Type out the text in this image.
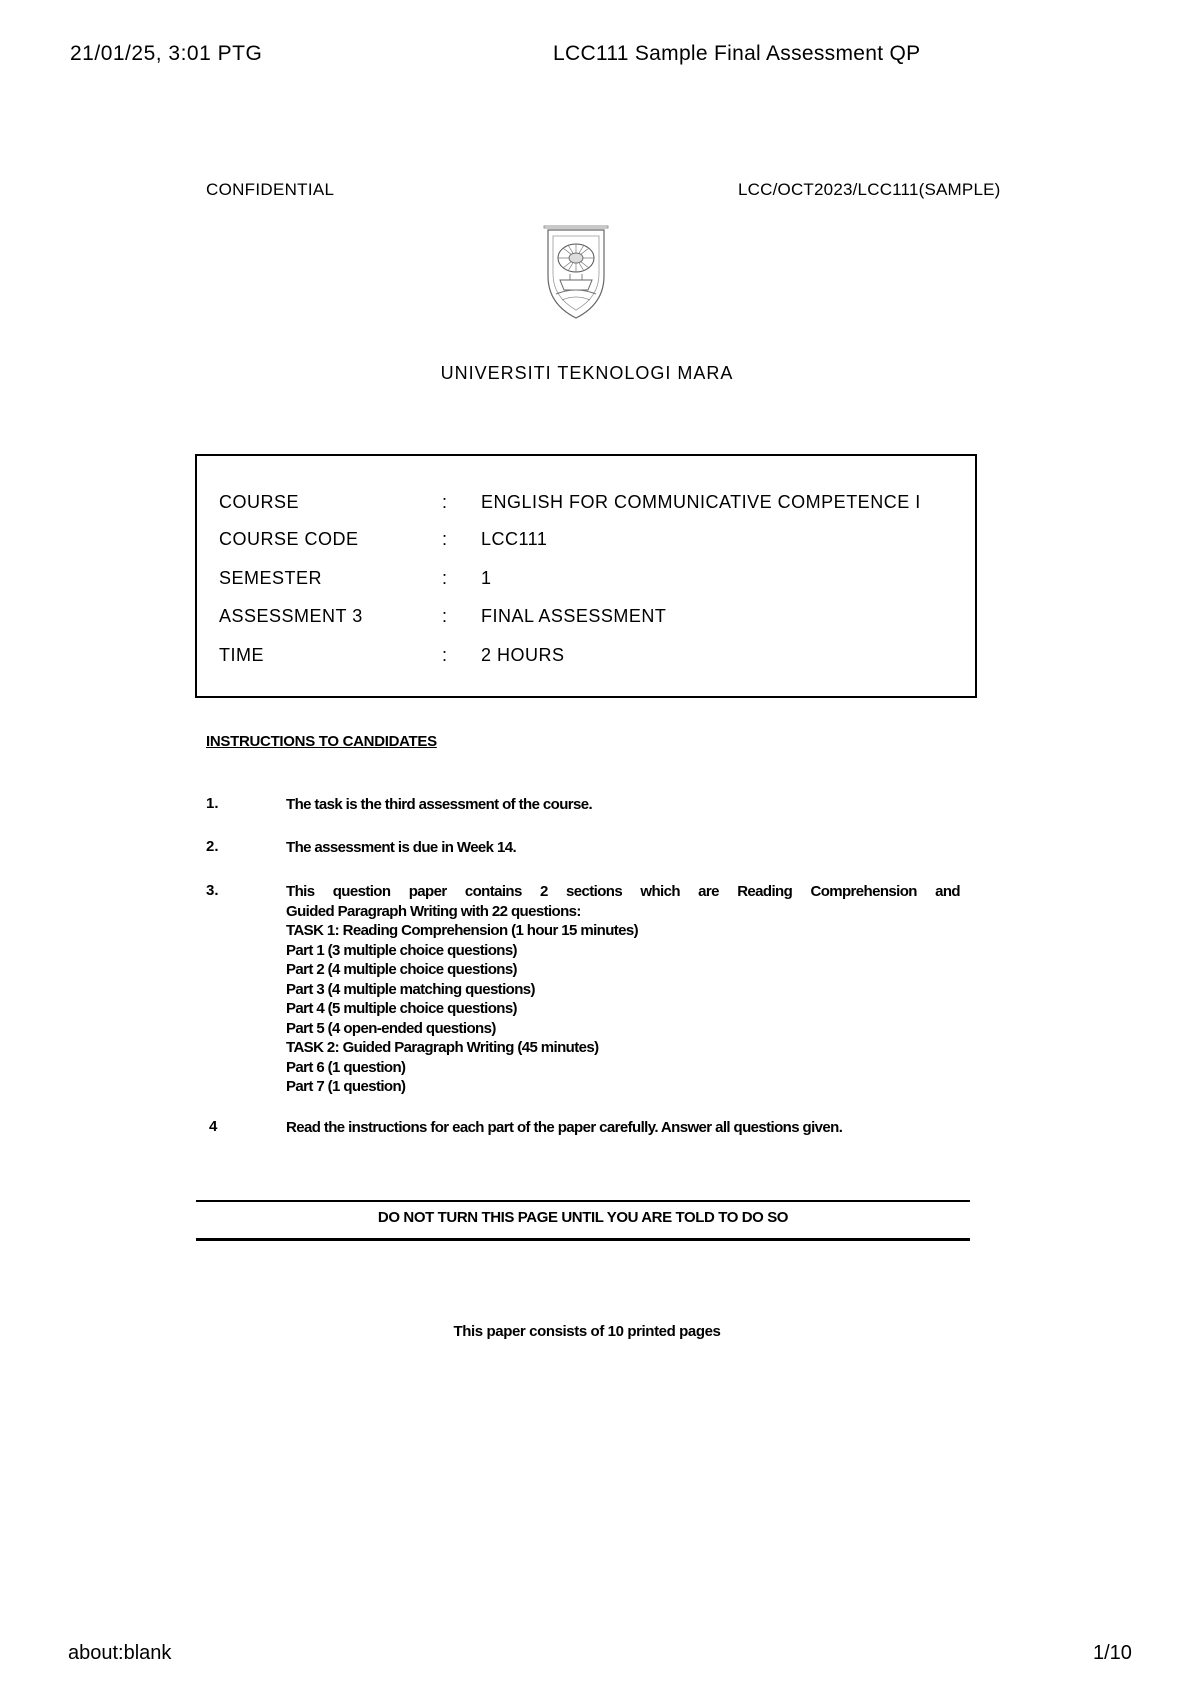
21/01/25, 3:01 PTG	LCC111 Sample Final Assessment QP
CONFIDENTIAL	LCC/OCT2023/LCC111(SAMPLE)
UNIVERSITI TEKNOLOGI MARA
COURSE	: ENGLISH FOR COMMUNICATIVE COMPETENCE I
COURSE CODE	: LCC111
SEMESTER	: 1
ASSESSMENT 3	: FINAL ASSESSMENT
TIME	: 2 HOURS
INSTRUCTIONS TO CANDIDATES
1.	The task is the third assessment of the course.
2.	The assessment is due in Week 14.
3.	This question paper contains 2 sections which are Reading Comprehension and
Guided Paragraph Writing with 22 questions:
TASK 1: Reading Comprehension (1 hour 15 minutes)
Part 1 (3 multiple choice questions)
Part 2 (4 multiple choice questions)
Part 3 (4 multiple matching questions)
Part 4 (5 multiple choice questions)
Part 5 (4 open-ended questions)
TASK 2: Guided Paragraph Writing (45 minutes)
Part 6 (1 question)
Part 7 (1 question)
4	Read the instructions for each part of the paper carefully. Answer all questions given.
DO NOT TURN THIS PAGE UNTIL YOU ARE TOLD TO DO SO
This paper consists of 10 printed pages
about:blank	1/10
